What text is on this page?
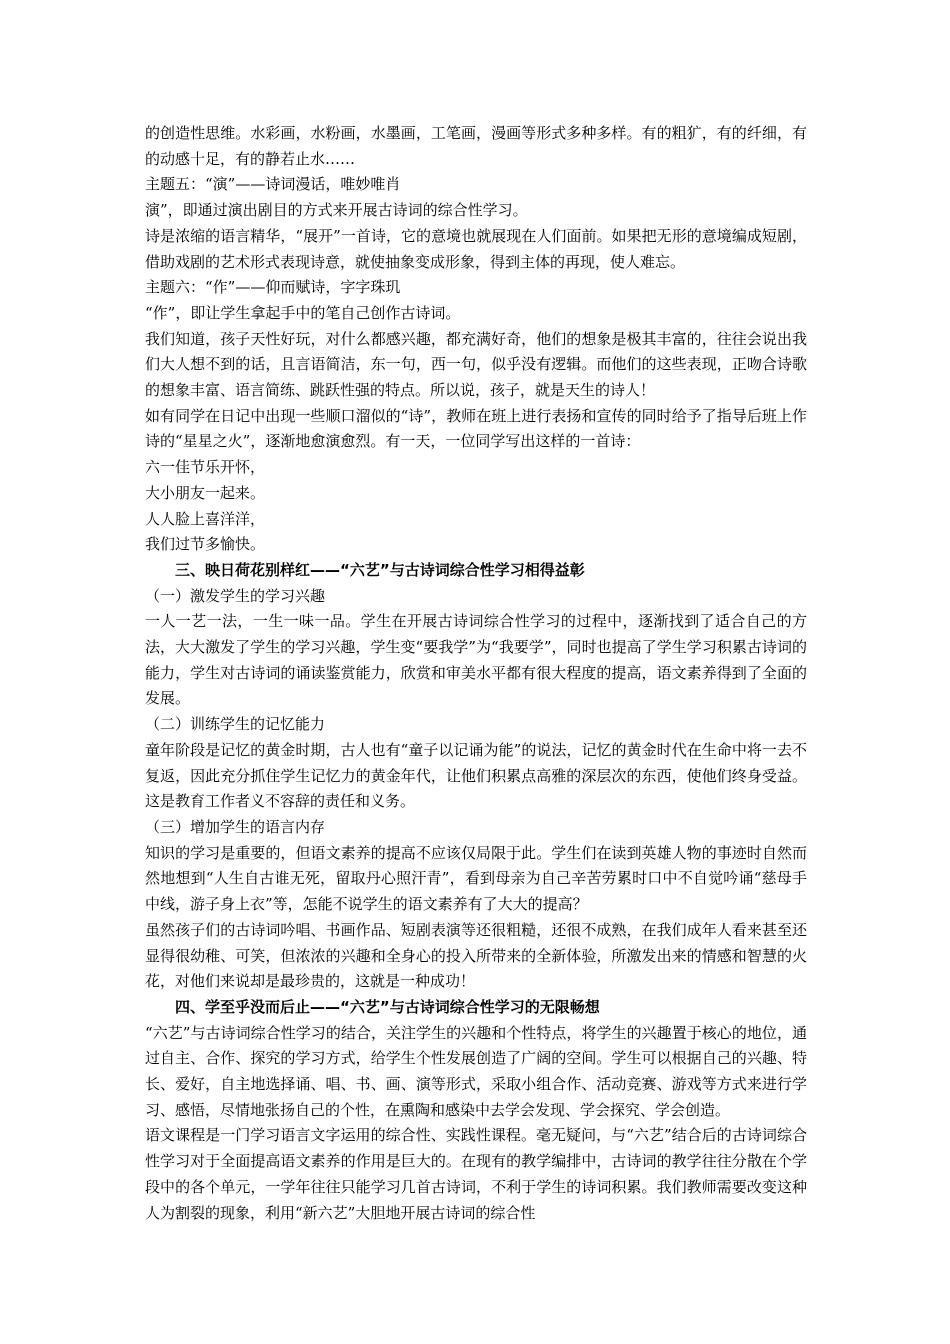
的创造性思维。水彩画，水粉画，水墨画，工笔画，漫画等形式多种多样。有的粗犷，有的纤细，有的动感十足，有的静若止水……

主题五：“演”——诗词漫话，唯妙唯肖

演”，即通过演出剧目的方式来开展古诗词的综合性学习。

诗是浓缩的语言精华，“展开”一首诗，它的意境也就展现在人们面前。如果把无形的意境编成短剧，借助戏剧的艺术形式表现诗意，就使抽象变成形象，得到主体的再现，使人难忘。

主题六：“作”——仰而赋诗，字字珠玑

“作”，即让学生拿起手中的笔自己创作古诗词。

我们知道，孩子天性好玩，对什么都感兴趣，都充满好奇，他们的想象是极其丰富的，往往会说出我们大人想不到的话，且言语简洁，东一句，西一句，似乎没有逻辑。而他们的这些表现，正吻合诗歌的想象丰富、语言简练、跳跃性强的特点。所以说，孩子，就是天生的诗人！

如有同学在日记中出现一些顺口溜似的“诗”，教师在班上进行表扬和宣传的同时给予了指导后班上作诗的“星星之火”，逐渐地愈演愈烈。有一天，一位同学写出这样的一首诗：

六一佳节乐开怀，

大小朋友一起来。

人人脸上喜洋洋，

我们过节多愉快。

三、映日荷花别样红——“六艺”与古诗词综合性学习相得益彰

（一）激发学生的学习兴趣

一人一艺一法，一生一味一品。学生在开展古诗词综合性学习的过程中，逐渐找到了适合自己的方法，大大激发了学生的学习兴趣，学生变“要我学”为“我要学”，同时也提高了学生学习积累古诗词的能力，学生对古诗词的诵读鉴赏能力，欣赏和审美水平都有很大程度的提高，语文素养得到了全面的发展。

（二）训练学生的记忆能力

童年阶段是记忆的黄金时期，古人也有“童子以记诵为能”的说法，记忆的黄金时代在生命中将一去不复返，因此充分抓住学生记忆力的黄金年代，让他们积累点高雅的深层次的东西，使他们终身受益。这是教育工作者义不容辞的责任和义务。

（三）增加学生的语言内存

知识的学习是重要的，但语文素养的提高不应该仅局限于此。学生们在读到英雄人物的事迹时自然而然地想到“人生自古谁无死，留取丹心照汗青”，看到母亲为自己辛苦劳累时口中不自觉吟诵“慈母手中线，游子身上衣”等，怎能不说学生的语文素养有了大大的提高？

虽然孩子们的古诗词吟唱、书画作品、短剧表演等还很粗糙，还很不成熟，在我们成年人看来甚至还显得很幼稚、可笑，但浓浓的兴趣和全身心的投入所带来的全新体验，所激发出来的情感和智慧的火花，对他们来说却是最珍贵的，这就是一种成功！

四、学至乎没而后止——“六艺”与古诗词综合性学习的无限畅想

“六艺”与古诗词综合性学习的结合，关注学生的兴趣和个性特点，将学生的兴趣置于核心的地位，通过自主、合作、探究的学习方式，给学生个性发展创造了广阔的空间。学生可以根据自己的兴趣、特长、爱好，自主地选择诵、唱、书、画、演等形式，采取小组合作、活动竞赛、游戏等方式来进行学习、感悟，尽情地张扬自己的个性，在熏陶和感染中去学会发现、学会探究、学会创造。

语文课程是一门学习语言文字运用的综合性、实践性课程。毫无疑问，与“六艺”结合后的古诗词综合性学习对于全面提高语文素养的作用是巨大的。在现有的教学编排中，古诗词的教学往往分散在个学段中的各个单元，一学年往往只能学习几首古诗词，不利于学生的诗词积累。我们教师需要改变这种人为割裂的现象，利用“新六艺”大胆地开展古诗词的综合性
